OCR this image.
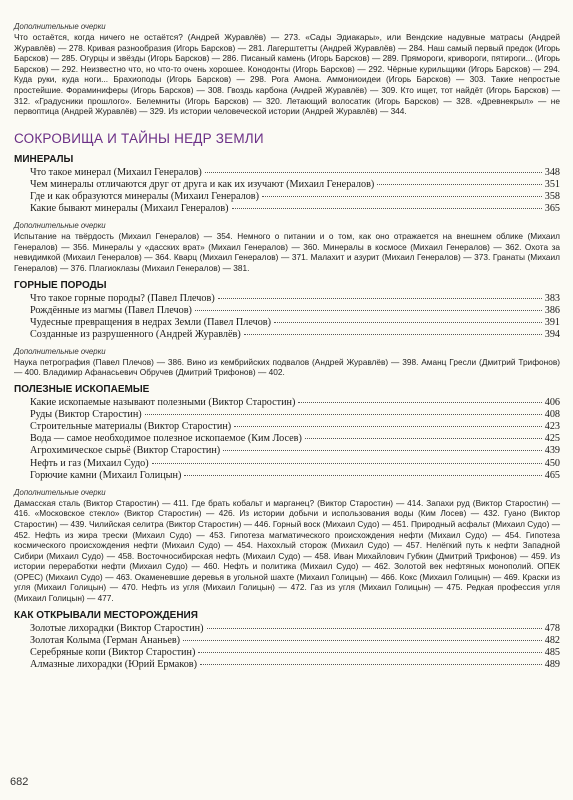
Дополнительные очерки

Что остаётся, когда ничего не остаётся? (Андрей Журавлёв) — 273. «Сады Эдиакары», или Вендские надувные матрасы (Андрей Журавлёв) — 278. Кривая разнообразия (Игорь Барсков) — 281. Лагерштетты (Андрей Журавлёв) — 284. Наш самый первый предок (Игорь Барсков) — 285. Огурцы и звёзды (Игорь Барсков) — 286. Писаный камень (Игорь Барсков) — 289. Прямороги, кривороги, пятироги... (Игорь Барсков) — 292. Неизвестно что, но что-то очень хорошее. Конодонты (Игорь Барсков) — 292. Чёрные курильщики (Игорь Барсков) — 294. Куда руки, куда ноги... Брахиоподы (Игорь Барсков) — 298. Рога Амона. Аммониоидеи (Игорь Барсков) — 303. Такие непростые простейшие. Фораминиферы (Игорь Барсков) — 308. Гвоздь карбона (Андрей Журавлёв) — 309. Кто ищет, тот найдёт (Игорь Барсков) — 312. «Градусники прошлого». Белемниты (Игорь Барсков) — 320. Летающий волосатик (Игорь Барсков) — 328. «Древнекрыл» — не первоптица (Андрей Журавлёв) — 329. Из истории человеческой истории (Андрей Журавлёв) — 344.

СОКРОВИЩА И ТАЙНЫ НЕДР ЗЕМЛИ
МИНЕРАЛЫ
Что такое минерал (Михаил Генералов)	348
Чем минералы отличаются друг от друга и как их изучают (Михаил Генералов)	351
Где и как образуются минералы (Михаил Генералов)	358
Какие бывают минералы (Михаил Генералов)	365
Дополнительные очерки

Испытание на твёрдость (Михаил Генералов) — 354. Немного о питании и о том, как оно отражается на внешнем облике (Михаил Генералов) — 356. Минералы у «дасских врат» (Михаил Генералов) — 360. Минералы в космосе (Михаил Генералов) — 362. Охота за невидимкой (Михаил Генералов) — 364. Кварц (Михаил Генералов) — 371. Малахит и азурит (Михаил Генералов) — 373. Гранаты (Михаил Генералов) — 376. Плагиоклазы (Михаил Генералов) — 381.

ГОРНЫЕ ПОРОДЫ
Что такое горные породы? (Павел Плечов)	383
Рождённые из магмы (Павел Плечов)	386
Чудесные превращения в недрах Земли (Павел Плечов)	391
Созданные из разрушенного (Андрей Журавлёв)	394
Дополнительные очерки

Наука петрография (Павел Плечов) — 386. Вино из кембрийских подвалов (Андрей Журавлёв) — 398. Аманц Гресли (Дмитрий Трифонов) — 400. Владимир Афанасьевич Обручев (Дмитрий Трифонов) — 402.

ПОЛЕЗНЫЕ ИСКОПАЕМЫЕ
Какие ископаемые называют полезными (Виктор Старостин)	406
Руды (Виктор Старостин)	408
Строительные материалы (Виктор Старостин)	423
Вода — самое необходимое полезное ископаемое (Ким Лосев)	425
Агрохимическое сырьё (Виктор Старостин)	439
Нефть и газ (Михаил Судо)	450
Горючие камни (Михаил Голицын)	465
Дополнительные очерки

Дамасская сталь (Виктор Старостин) — 411. Где брать кобальт и марганец? (Виктор Старостин) — 414. Запахи руд (Виктор Старостин) — 416. «Московское стекло» (Виктор Старостин) — 426. Из истории добычи и использования воды (Ким Лосев) — 432. Гуано (Виктор Старостин) — 439. Чилийская селитра (Виктор Старостин) — 446. Горный воск (Михаил Судо) — 451. Природный асфальт (Михаил Судо) — 452. Нефть из жира трески (Михаил Судо) — 453. Гипотеза магматического происхождения нефти (Михаил Судо) — 454. Гипотеза космического происхождения нефти (Михаил Судо) — 454. Нахохлый сторож (Михаил Судо) — 457. Нелёгкий путь к нефти Западной Сибири (Михаил Судо) — 458. Восточносибирская нефть (Михаил Судо) — 458. Иван Михайлович Губкин (Дмитрий Трифонов) — 459. Из истории переработки нефти (Михаил Судо) — 460. Нефть и политика (Михаил Судо) — 462. Золотой век нефтяных монополий. ОПЕК (ОРЕС) (Михаил Судо) — 463. Окаменевшие деревья в угольной шахте (Михаил Голицын) — 466. Кокс (Михаил Голицын) — 469. Краски из угля (Михаил Голицын) — 470. Нефть из угля (Михаил Голицын) — 472. Газ из угля (Михаил Голицын) — 475. Редкая профессия угля (Михаил Голицын) — 477.

КАК ОТКРЫВАЛИ МЕСТОРОЖДЕНИЯ
Золотые лихорадки (Виктор Старостин)	478
Золотая Колыма (Герман Ананьев)	482
Серебряные копи (Виктор Старостин)	485
Алмазные лихорадки (Юрий Ермаков)	489
682
